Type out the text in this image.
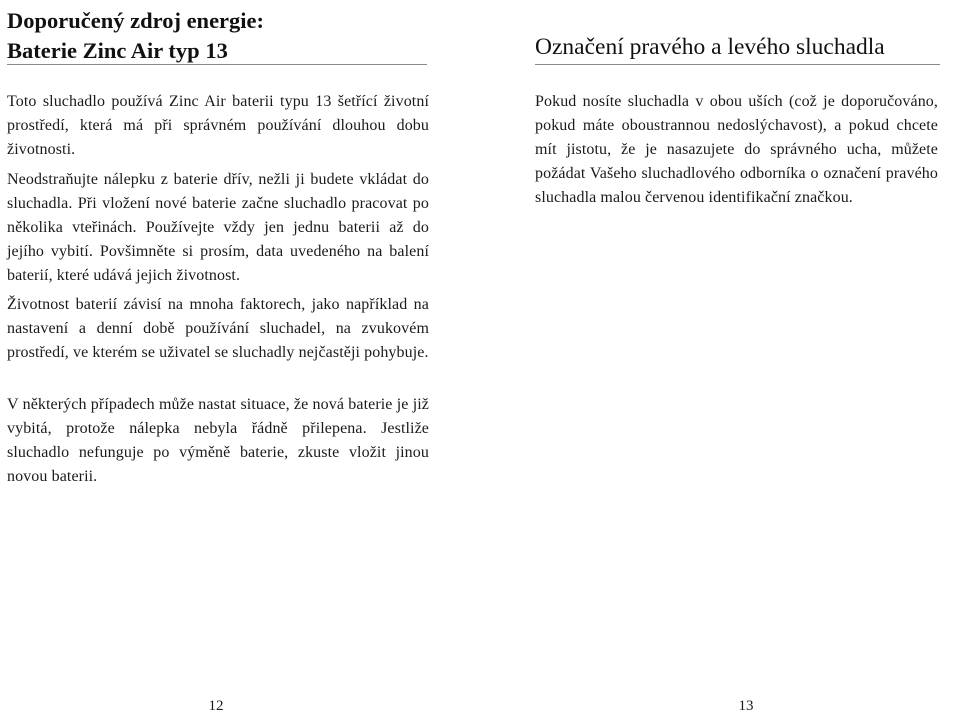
Doporučený zdroj energie:
Baterie Zinc Air typ 13

Toto sluchadlo používá Zinc Air baterii typu 13 šetřící životní prostředí, která má při správném používání dlouhou dobu životnosti.

Neodstraňujte nálepku z baterie dřív, nežli ji budete vkládat do sluchadla. Při vložení nové baterie začne sluchadlo pracovat po několika vteřinách. Používejte vždy jen jednu baterii až do jejího vybití. Povšimněte si prosím, data uvedeného na balení baterií, které udává jejich životnost.

Životnost baterií závisí na mnoha faktorech, jako například na nastavení a denní době používání sluchadel, na zvukovém prostředí, ve kterém se uživatel se sluchadly nejčastěji pohybuje.

V některých případech může nastat situace, že nová baterie je již vybitá, protože nálepka nebyla řádně přilepena. Jestliže sluchadlo nefunguje po výměně baterie, zkuste vložit jinou novou baterii.

12
Označení pravého a levého sluchadla

Pokud nosíte sluchadla v obou uších (což je doporučováno, pokud máte oboustrannou nedoslýchavost), a pokud chcete mít jistotu, že je nasazujete do správného ucha, můžete požádat Vašeho sluchadlového odborníka o označení pravého sluchadla malou červenou identifikační značkou.

13
